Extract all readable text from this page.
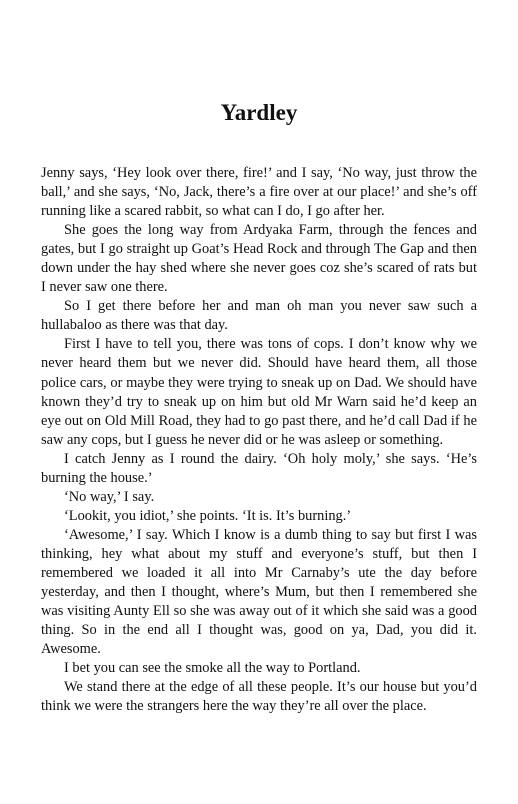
Yardley

Jenny says, ‘Hey look over there, fire!’ and I say, ‘No way, just throw the ball,’ and she says, ‘No, Jack, there’s a fire over at our place!’ and she’s off running like a scared rabbit, so what can I do, I go after her.

She goes the long way from Ardyaka Farm, through the fences and gates, but I go straight up Goat’s Head Rock and through The Gap and then down under the hay shed where she never goes coz she’s scared of rats but I never saw one there.

So I get there before her and man oh man you never saw such a hullabaloo as there was that day.

First I have to tell you, there was tons of cops. I don’t know why we never heard them but we never did. Should have heard them, all those police cars, or maybe they were trying to sneak up on Dad. We should have known they’d try to sneak up on him but old Mr Warn said he’d keep an eye out on Old Mill Road, they had to go past there, and he’d call Dad if he saw any cops, but I guess he never did or he was asleep or something.

I catch Jenny as I round the dairy. ‘Oh holy moly,’ she says. ‘He’s burning the house.’

‘No way,’ I say.

‘Lookit, you idiot,’ she points. ‘It is. It’s burning.’

‘Awesome,’ I say. Which I know is a dumb thing to say but first I was thinking, hey what about my stuff and everyone’s stuff, but then I remembered we loaded it all into Mr Carnaby’s ute the day before yesterday, and then I thought, where’s Mum, but then I remembered she was visiting Aunty Ell so she was away out of it which she said was a good thing. So in the end all I thought was, good on ya, Dad, you did it. Awesome.

I bet you can see the smoke all the way to Portland.

We stand there at the edge of all these people. It’s our house but you’d think we were the strangers here the way they’re all over the place.
